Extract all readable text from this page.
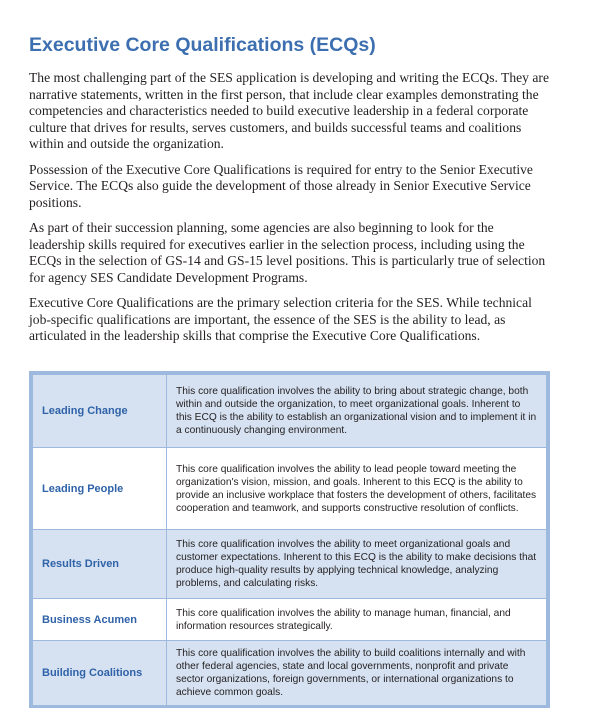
Executive Core Qualifications (ECQs)

The most challenging part of the SES application is developing and writing the ECQs. They are narrative statements, written in the first person, that include clear examples demonstrating the competencies and characteristics needed to build executive leadership in a federal corporate culture that drives for results, serves customers, and builds successful teams and coalitions within and outside the organization.

Possession of the Executive Core Qualifications is required for entry to the Senior Executive Service. The ECQs also guide the development of those already in Senior Executive Service positions.

As part of their succession planning, some agencies are also beginning to look for the leadership skills required for executives earlier in the selection process, including using the ECQs in the selection of GS-14 and GS-15 level positions. This is particularly true of selection for agency SES Candidate Development Programs.

Executive Core Qualifications are the primary selection criteria for the SES. While technical job-specific qualifications are important, the essence of the SES is the ability to lead, as articulated in the leadership skills that comprise the Executive Core Qualifications.

Leading Change	This core qualification involves the ability to bring about strategic change, both within and outside the organization, to meet organizational goals. Inherent to this ECQ is the ability to establish an organizational vision and to implement it in a continuously changing environment.
Leading People	This core qualification involves the ability to lead people toward meeting the organization's vision, mission, and goals. Inherent to this ECQ is the ability to provide an inclusive workplace that fosters the development of others, facilitates cooperation and teamwork, and supports constructive resolution of conflicts.
Results Driven	This core qualification involves the ability to meet organizational goals and customer expectations. Inherent to this ECQ is the ability to make decisions that produce high-quality results by applying technical knowledge, analyzing problems, and calculating risks.
Business Acumen	This core qualification involves the ability to manage human, financial, and information resources strategically.
Building Coalitions	This core qualification involves the ability to build coalitions internally and with other federal agencies, state and local governments, nonprofit and private sector organizations, foreign governments, or international organizations to achieve common goals.
